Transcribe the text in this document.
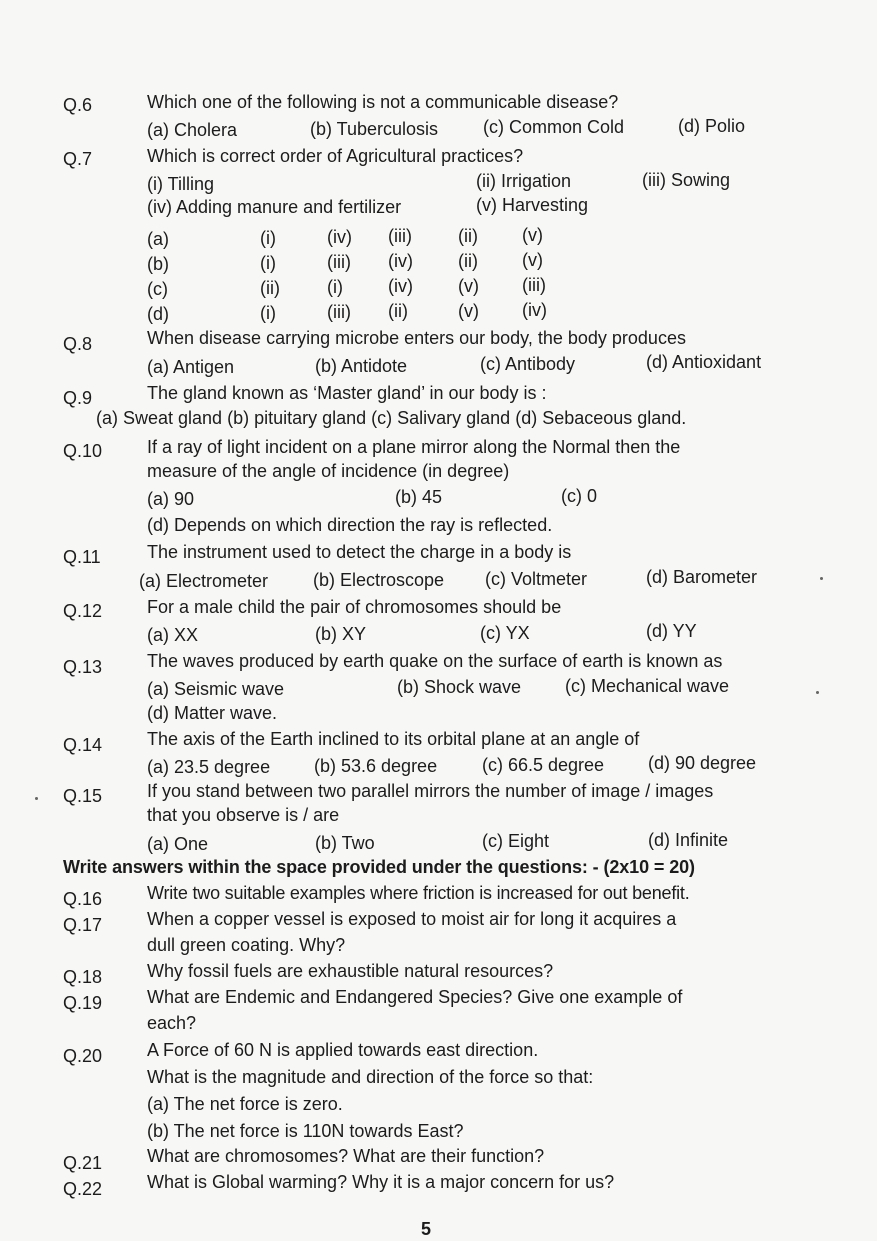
Q.6	Which one of the following is not a communicable disease?
(a) Cholera	(b) Tuberculosis (c) Common Cold	(d) Polio
Q.7	Which is correct order of Agricultural practices?
(i) Tilling	(ii) Irrigation	(iii) Sowing
(iv) Adding manure and fertilizer	(v) Harvesting
(a)	(i)	(iv) (iii)	(ii) (v)
(b)	(i)	(iii) (iv)	(ii) (v)
(c)	(ii)	(i)	(iv)	(v) (iii)
(d)	(i)	(iii) (ii)	(v) (iv)
Q.8	When disease carrying microbe enters our body, the body produces
(a) Antigen	(b) Antidote	(c) Antibody	(d) Antioxidant
Q.9	The gland known as ‘Master gland’ in our body is :
(a) Sweat gland (b) pituitary gland (c) Salivary gland (d) Sebaceous gland.
Q.10 If a ray of light incident on a plane mirror along the Normal then the
measure of the angle of incidence (in degree)
(a) 90	(b) 45	(c) 0
(d) Depends on which direction the ray is reflected.
Q.11	The instrument used to detect the charge in a body is
(a) Electrometer (b) Electroscope (c) Voltmeter	(d) Barometer
Q.12 For a male child the pair of chromosomes should be
(a) XX	(b) XY	(c) YX	(d) YY
Q.13 The waves produced by earth quake on the surface of earth is known as
(a) Seismic wave	(b) Shock wave (c) Mechanical wave
(d) Matter wave.
Q.14 The axis of the Earth inclined to its orbital plane at an angle of
(a) 23.5 degree (b) 53.6 degree (c) 66.5 degree (d) 90 degree
Q.15 If you stand between two parallel mirrors the number of image / images
that you observe is / are
(a) One	(b) Two	(c) Eight	(d) Infinite
Write answers within the space provided under the questions: - (2x10 = 20)
Q.16 Write two suitable examples where friction is increased for out benefit.
Q.17 When a copper vessel is exposed to moist air for long it acquires a
dull green coating. Why?
Q.18 Why fossil fuels are exhaustible natural resources?
Q.19 What are Endemic and Endangered Species? Give one example of
each?
Q.20 A Force of 60 N is applied towards east direction.
What is the magnitude and direction of the force so that:
(a) The net force is zero.
(b) The net force is 110N towards East?
Q.21 What are chromosomes? What are their function?
Q.22 What is Global warming? Why it is a major concern for us?
5
